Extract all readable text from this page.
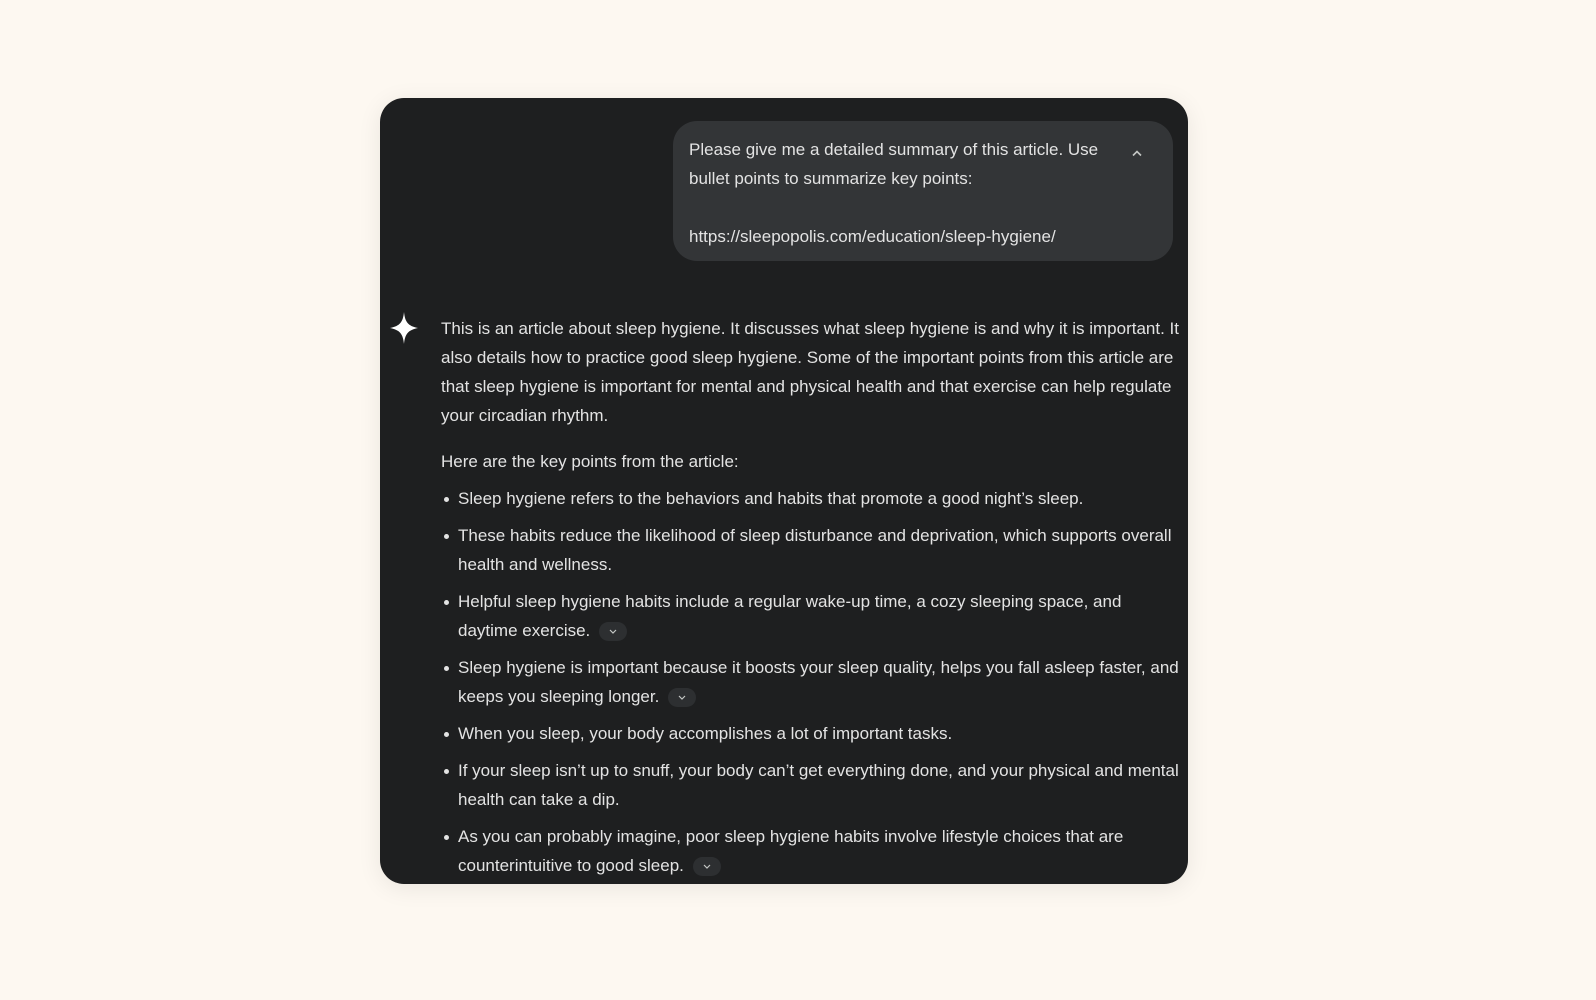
Please give me a detailed summary of this article. Use bullet points to summarize key points:

https://sleepopolis.com/education/sleep-hygiene/

This is an article about sleep hygiene. It discusses what sleep hygiene is and why it is important. It also details how to practice good sleep hygiene. Some of the important points from this article are that sleep hygiene is important for mental and physical health and that exercise can help regulate your circadian rhythm.

Here are the key points from the article:

Sleep hygiene refers to the behaviors and habits that promote a good night’s sleep.
These habits reduce the likelihood of sleep disturbance and deprivation, which supports overall health and wellness.
Helpful sleep hygiene habits include a regular wake-up time, a cozy sleeping space, and daytime exercise.
Sleep hygiene is important because it boosts your sleep quality, helps you fall asleep faster, and keeps you sleeping longer.
When you sleep, your body accomplishes a lot of important tasks.
If your sleep isn’t up to snuff, your body can’t get everything done, and your physical and mental health can take a dip.
As you can probably imagine, poor sleep hygiene habits involve lifestyle choices that are counterintuitive to good sleep.
